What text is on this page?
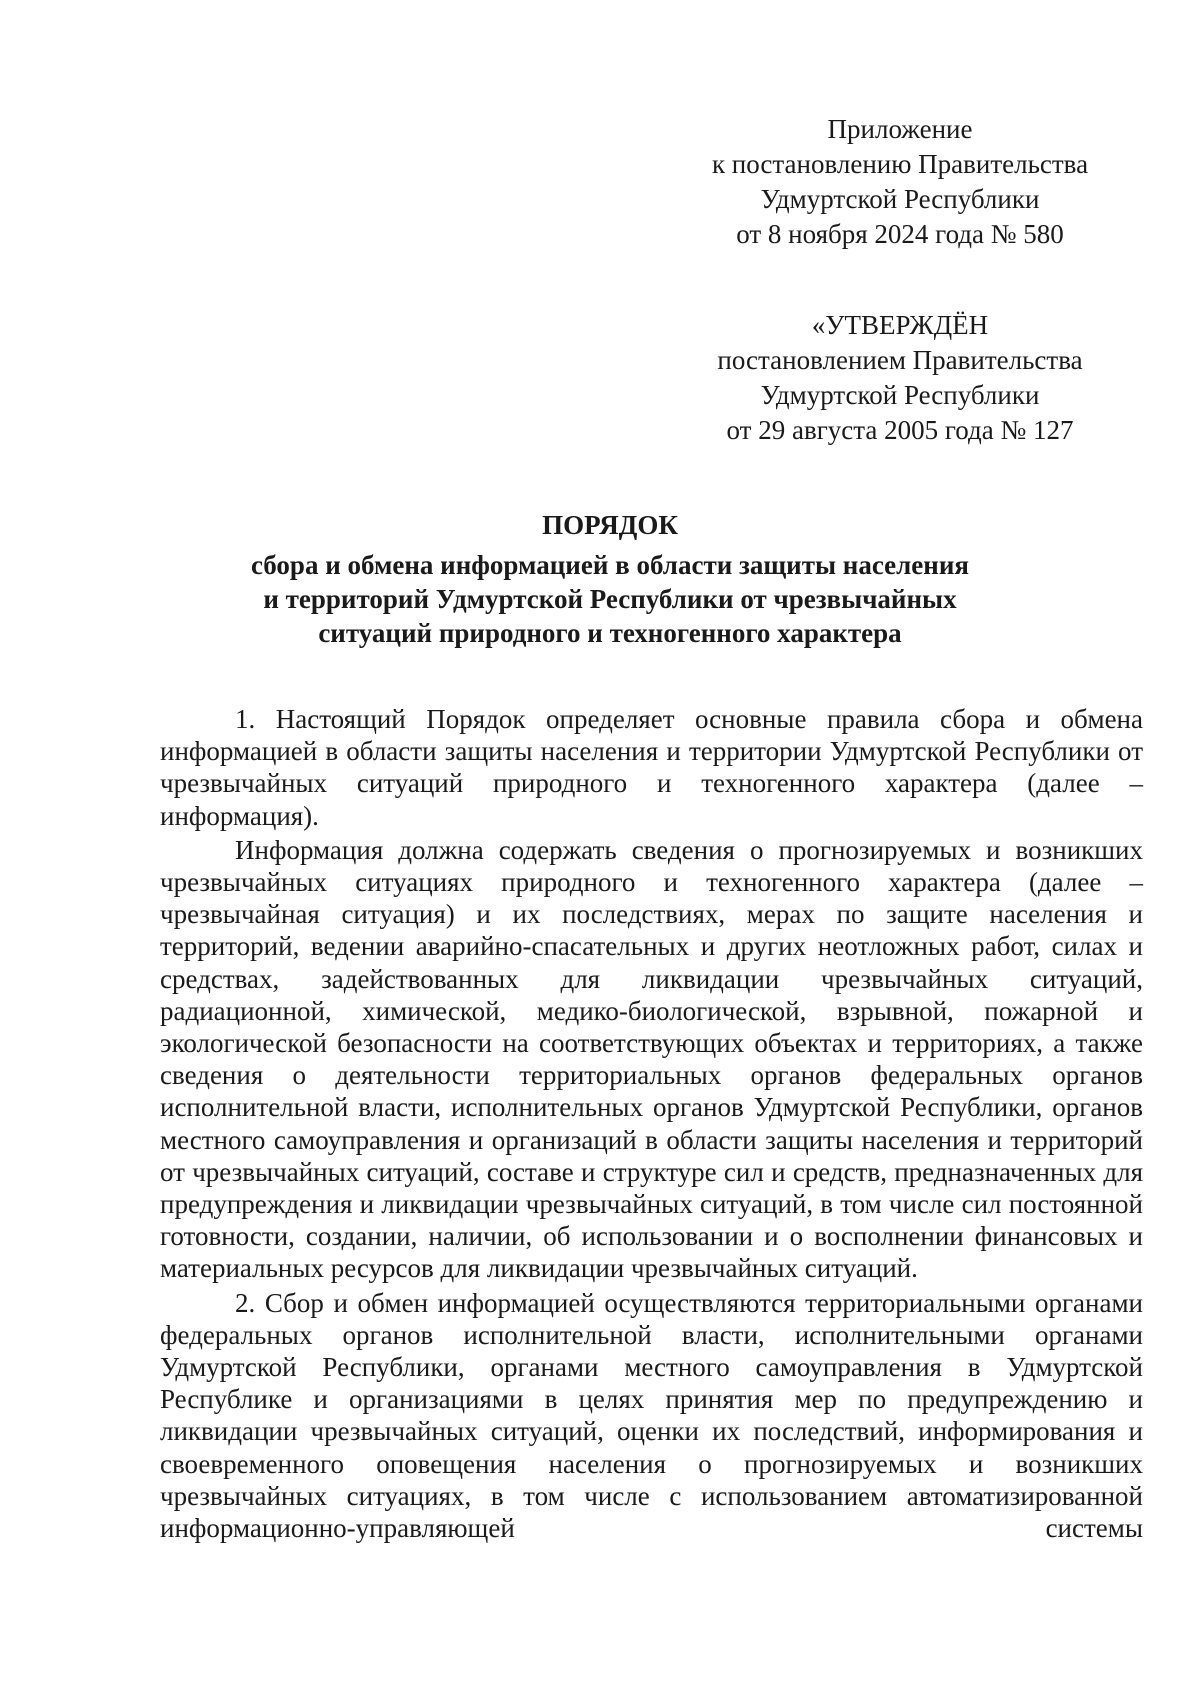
Приложение
к постановлению Правительства
Удмуртской Республики
от 8 ноября 2024 года № 580
«УТВЕРЖДЁН
постановлением Правительства
Удмуртской Республики
от 29 августа 2005 года № 127
ПОРЯДОК
сбора и обмена информацией в области защиты населения
и территорий Удмуртской Республики от чрезвычайных
ситуаций природного и техногенного характера

1. Настоящий Порядок определяет основные правила сбора и обмена информацией в области защиты населения и территории Удмуртской Республики от чрезвычайных ситуаций природного и техногенного характера (далее – информация).

Информация должна содержать сведения о прогнозируемых и возникших чрезвычайных ситуациях природного и техногенного характера (далее – чрезвычайная ситуация) и их последствиях, мерах по защите населения и территорий, ведении аварийно-спасательных и других неотложных работ, силах и средствах, задействованных для ликвидации чрезвычайных ситуаций, радиационной, химической, медико-биологической, взрывной, пожарной и экологической безопасности на соответствующих объектах и территориях, а также сведения о деятельности территориальных органов федеральных органов исполнительной власти, исполнительных органов Удмуртской Республики, органов местного самоуправления и организаций в области защиты населения и территорий от чрезвычайных ситуаций, составе и структуре сил и средств, предназначенных для предупреждения и ликвидации чрезвычайных ситуаций, в том числе сил постоянной готовности, создании, наличии, об использовании и о восполнении финансовых и материальных ресурсов для ликвидации чрезвычайных ситуаций.

2. Сбор и обмен информацией осуществляются территориальными органами федеральных органов исполнительной власти, исполнительными органами Удмуртской Республики, органами местного самоуправления в Удмуртской Республике и организациями в целях принятия мер по предупреждению и ликвидации чрезвычайных ситуаций, оценки их последствий, информирования и своевременного оповещения населения о прогнозируемых и возникших чрезвычайных ситуациях, в том числе с использованием автоматизированной информационно-управляющей системы
